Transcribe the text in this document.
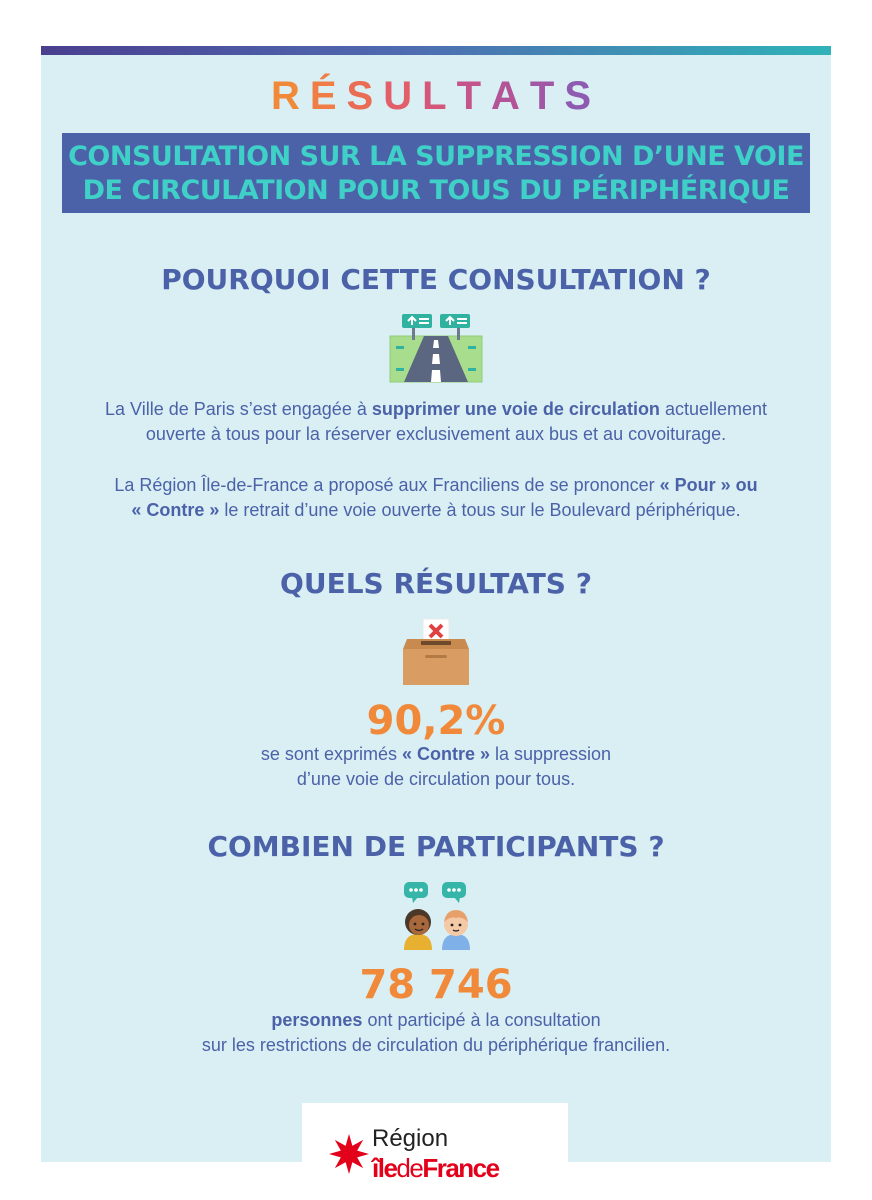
RÉSULTATS
CONSULTATION SUR LA SUPPRESSION D’UNE VOIE
DE CIRCULATION POUR TOUS DU PÉRIPHÉRIQUE
POURQUOI CETTE CONSULTATION ?
La Ville de Paris s’est engagée à supprimer une voie de circulation actuellement
ouverte à tous pour la réserver exclusivement aux bus et au covoiturage.
La Région Île-de-France a proposé aux Franciliens de se prononcer « Pour » ou
« Contre » le retrait d’une voie ouverte à tous sur le Boulevard périphérique.
QUELS RÉSULTATS ?
90,2%
se sont exprimés « Contre » la suppression
d’une voie de circulation pour tous.
COMBIEN DE PARTICIPANTS ?
78 746
personnes ont participé à la consultation
sur les restrictions de circulation du périphérique francilien.
Région
îledeFrance
